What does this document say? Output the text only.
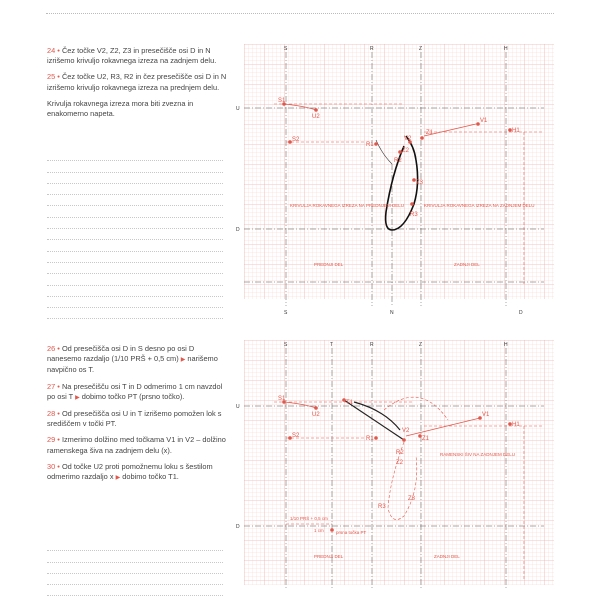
24 • Čez točke V2, Z2, Z3 in presečišče osi D in N izrišemo krivuljo rokavnega izreza na zadnjem delu.

25 • Čez točke U2, R3, R2 in čez presečišče osi D in N izrišemo krivuljo rokavnega izreza na prednjem delu.

Krivulja rokavnega izreza mora biti zvezna in enakomerno napeta.

26 • Od presečišča osi D in S desno po osi D nanesemo razdaljo (1/10 PRŠ + 0,5 cm) ▶ narišemo navpično os T.

27 • Na presečišču osi T in D odmerimo 1 cm navzdol po osi T ▶ dobimo točko PT (prsno točko).

28 • Od presečišča osi U in T izrišemo pomožen lok s središčem v točki PT.

29 • Izmerimo dolžino med točkama V1 in V2 – dolžino ramenskega šiva na zadnjem delu (x).

30 • Od točke U2 proti pomožnemu loku s šestilom odmerimo razdaljo x ▶ dobimo točko T1.

S1
U2
S2
R1
R2
R3
V2
Z1
Z2
Z3
V1
H1
S	R	Z	H
S	N	D
U
D
KRIVULJA ROKAVNEGA IZREZA NA PREDNJEM DELU	KRIVULJA ROKAVNEGA IZREZA NA ZADNJEM DELU
PREDNJI DEL	ZADNJI DEL
S1
U2
T1
S2	R1
R2
R3
V2
Z1
Z2
Z3
V1
H1
S	T	R	Z	H
U
D
1/10 PRŠ + 0,5 cm
1 cm	prsna točka PT
RAMENSKI ŠIV NA ZADNJEM DELU
PREDNJI DEL	ZADNJI DEL
